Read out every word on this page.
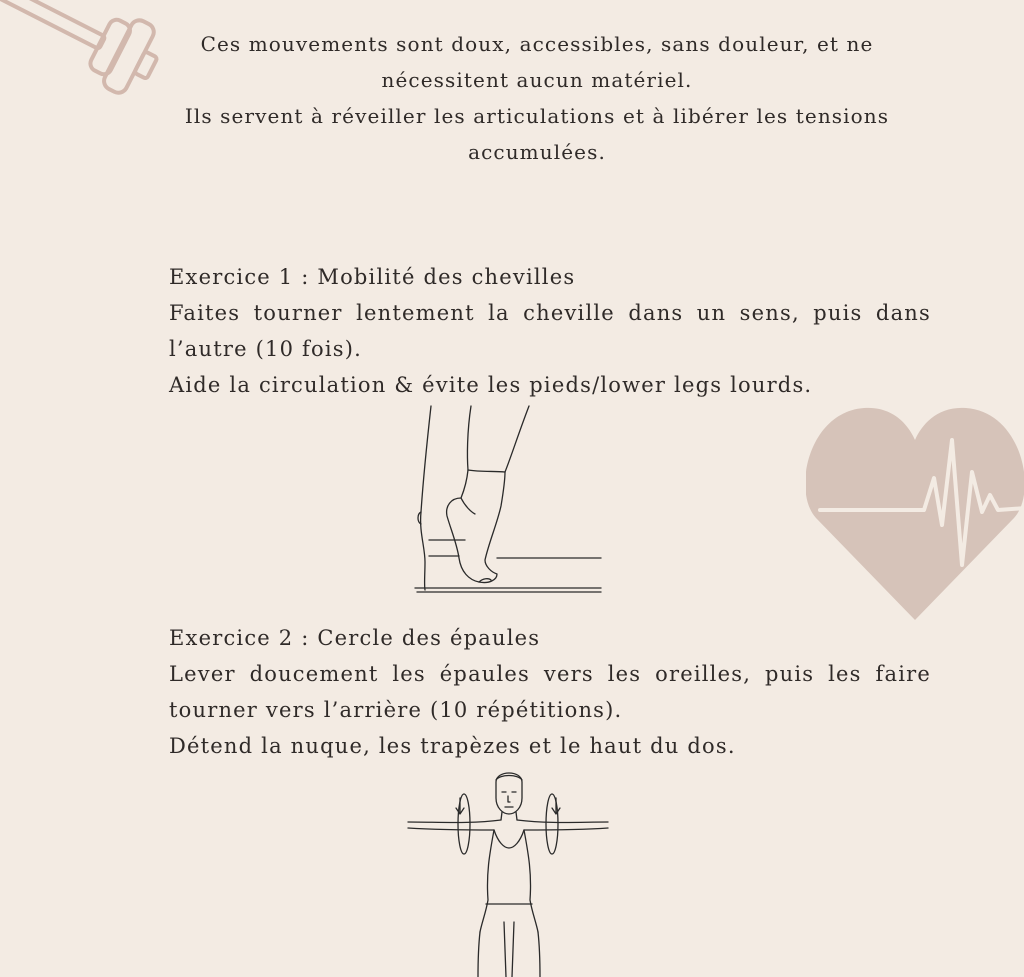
Ces mouvements sont doux, accessibles, sans douleur, et ne nécessitent aucun matériel.

Ils servent à réveiller les articulations et à libérer les tensions accumulées.

Exercice 1 : Mobilité des chevilles

Faites tourner lentement la cheville dans un sens, puis dans l’autre (10 fois).

Aide la circulation & évite les pieds/lower legs lourds.

Exercice 2 : Cercle des épaules

Lever doucement les épaules vers les oreilles, puis les faire tourner vers l’arrière (10 répétitions).

Détend la nuque, les trapèzes et le haut du dos.
